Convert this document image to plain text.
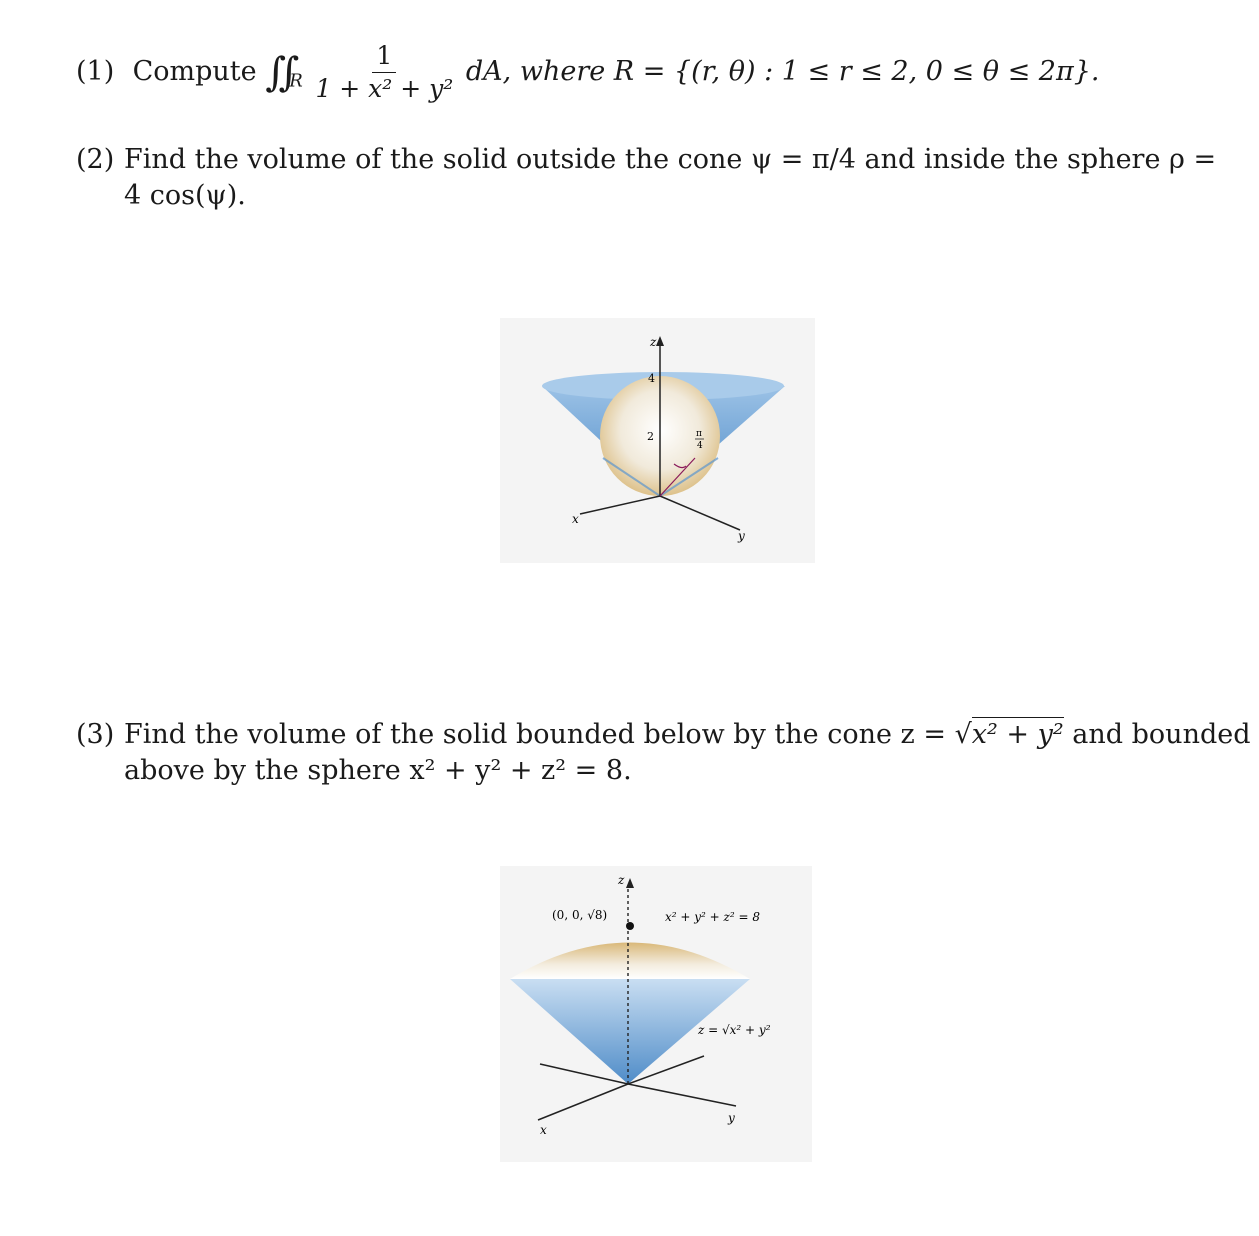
(1) Compute $∬_R \frac{1}{\text{1 + x² + y²}}$ dA, where R = {(r, θ) : 1 ≤ r ≤ 2, 0 ≤ θ ≤ 2π}.
(2) Find the volume of the solid outside the cone ψ = π/4 and inside the sphere ρ =
4 cos(ψ).
z
x
y
4
2	π
4
(3) Find the volume of the solid bounded below by the cone z = √x² + y² and bounded
above by the sphere x² + y² + z² = 8.
z
x
y
(0, 0, √8)	x² + y² + z² = 8
z = √x² + y²
